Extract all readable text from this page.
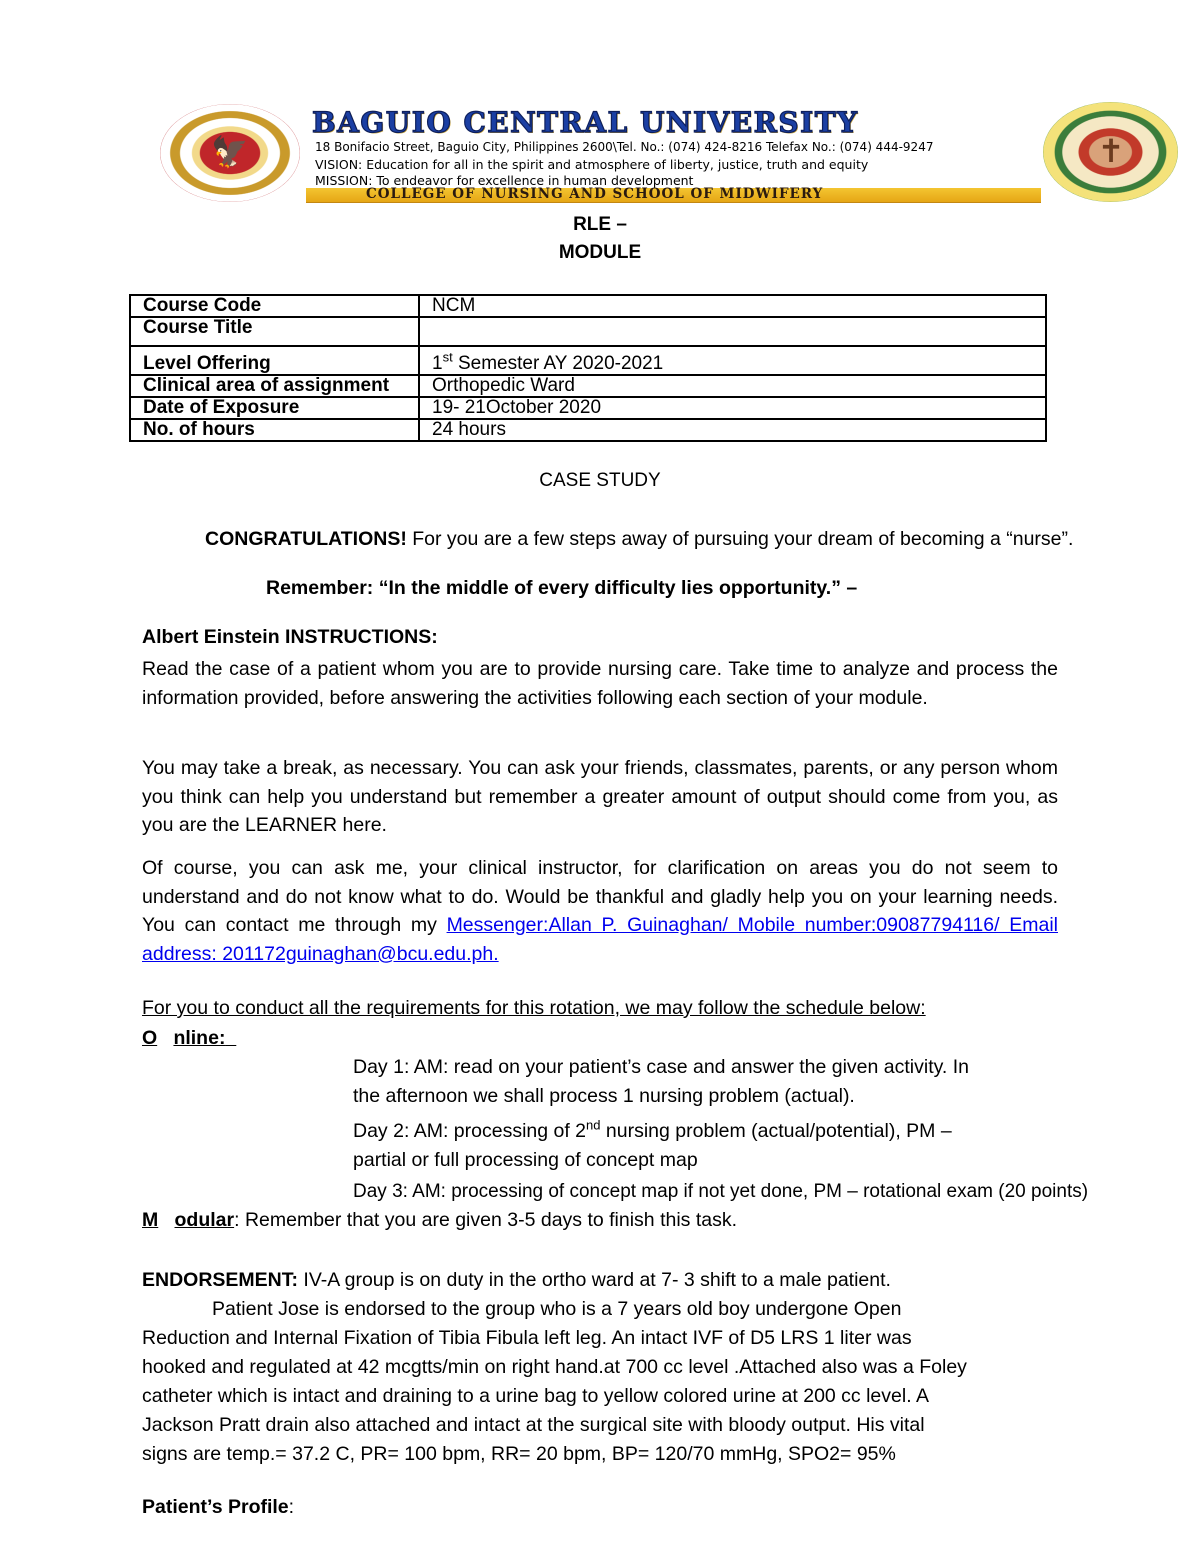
🦅
BAGUIO CENTRAL UNIVERSITY
18 Bonifacio Street, Baguio City, Philippines 2600\Tel. No.: (074) 424-8216 Telefax No.: (074) 444-9247
VISION: Education for all in the spirit and atmosphere of liberty, justice, truth and equity
MISSION: To endeavor for excellence in human development
COLLEGE OF NURSING AND SCHOOL OF MIDWIFERY
✝
RLE –
MODULE
Course Code	NCM
Course Title	
Level Offering	1st Semester AY 2020-2021
Clinical area of assignment	Orthopedic Ward
Date of Exposure	19- 21October 2020
No. of hours	24 hours
CASE STUDY
CONGRATULATIONS! For you are a few steps away of pursuing your dream of becoming a “nurse”.
Remember: “In the middle of every difficulty lies opportunity.” –
Albert Einstein INSTRUCTIONS:

Read the case of a patient whom you are to provide nursing care. Take time to analyze and process the information provided, before answering the activities following each section of your module.

You may take a break, as necessary. You can ask your friends, classmates, parents, or any person whom you think can help you understand but remember a greater amount of output should come from you, as you are the LEARNER here.

Of course, you can ask me, your clinical instructor, for clarification on areas you do not seem to understand and do not know what to do. Would be thankful and gladly help you on your learning needs. You can contact me through my Messenger:Allan P. Guinaghan/ Mobile number:09087794116/ Email address: 201172guinaghan@bcu.edu.ph.

For you to conduct all the requirements for this rotation, we may follow the schedule below:
O nline:
Day 1: AM: read on your patient’s case and answer the given activity. In
the afternoon we shall process 1 nursing problem (actual).
Day 2: AM: processing of 2nd nursing problem (actual/potential), PM –
partial or full processing of concept map
Day 3: AM: processing of concept map if not yet done, PM – rotational exam (20 points)
M odular: Remember that you are given 3-5 days to finish this task.
ENDORSEMENT: IV-A group is on duty in the ortho ward at 7- 3 shift to a male patient.
Patient Jose is endorsed to the group who is a 7 years old boy undergone Open
Reduction and Internal Fixation of Tibia Fibula left leg. An intact IVF of D5 LRS 1 liter was
hooked and regulated at 42 mcgtts/min on right hand.at 700 cc level .Attached also was a Foley
catheter which is intact and draining to a urine bag to yellow colored urine at 200 cc level. A
Jackson Pratt drain also attached and intact at the surgical site with bloody output. His vital
signs are temp.= 37.2 C, PR= 100 bpm, RR= 20 bpm, BP= 120/70 mmHg, SPO2= 95%
Patient’s Profile:
